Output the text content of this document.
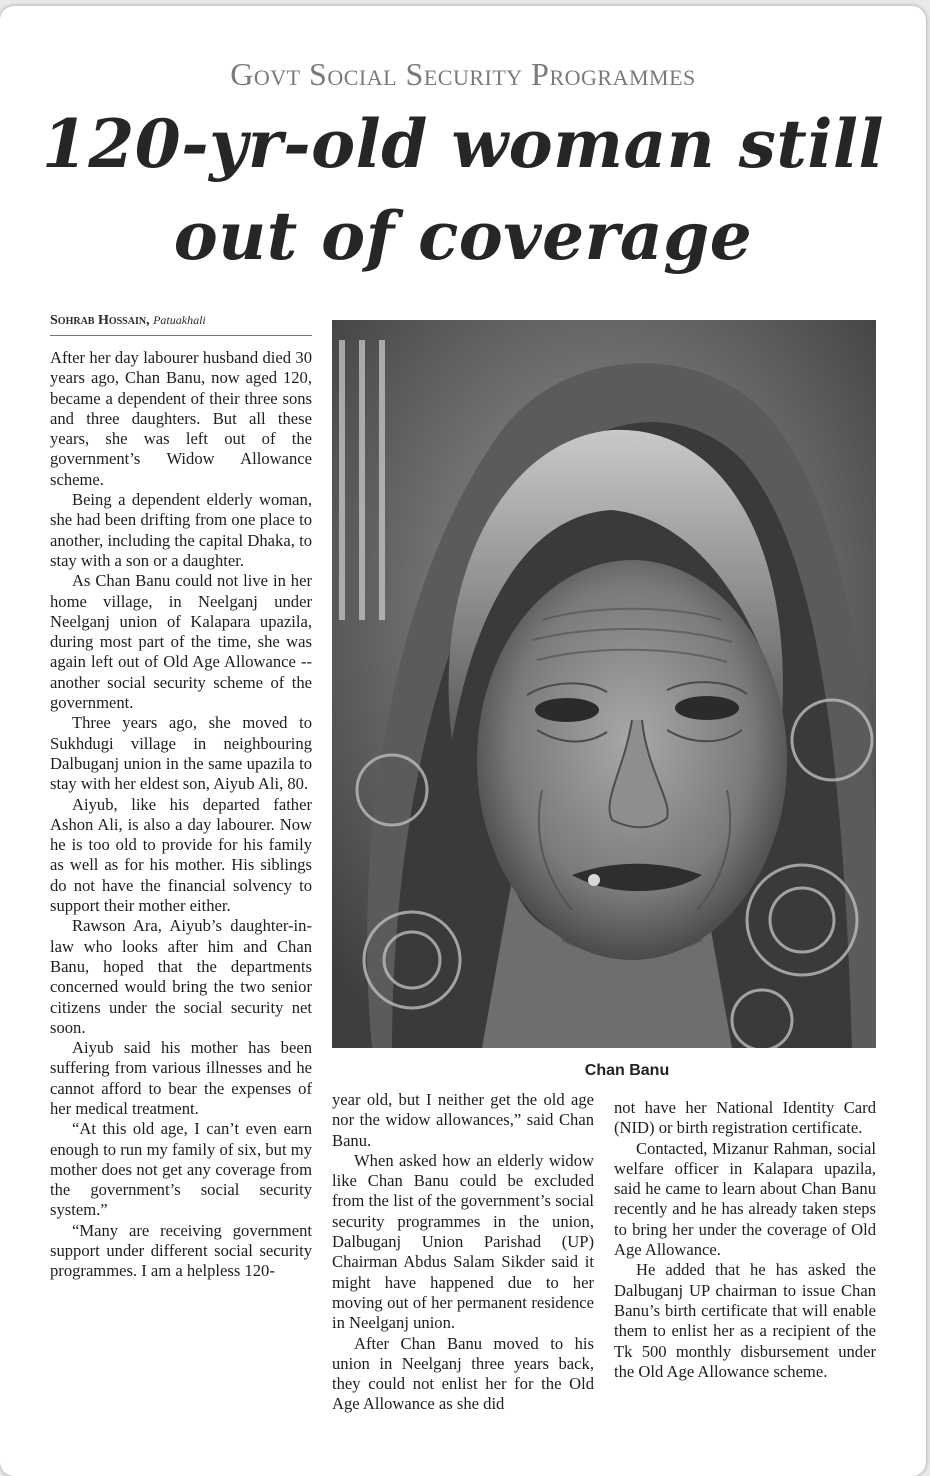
Govt Social Security Programmes
120-yr-old woman still
out of coverage
Sohrab Hossain, Patuakhali

After her day labourer husband died 30 years ago, Chan Banu, now aged 120, became a dependent of their three sons and three daughters. But all these years, she was left out of the government’s Widow Allowance scheme.

Being a dependent elderly woman, she had been drifting from one place to another, including the capital Dhaka, to stay with a son or a daughter.

As Chan Banu could not live in her home village, in Neelganj under Neelganj union of Kalapara upazila, during most part of the time, she was again left out of Old Age Allowance -- another social security scheme of the government.

Three years ago, she moved to Sukhdugi village in neighbouring Dalbuganj union in the same upazila to stay with her eldest son, Aiyub Ali, 80.

Aiyub, like his departed father Ashon Ali, is also a day labourer. Now he is too old to provide for his family as well as for his mother. His siblings do not have the financial solvency to support their mother either.

Rawson Ara, Aiyub’s daughter-in-law who looks after him and Chan Banu, hoped that the departments concerned would bring the two senior citizens under the social security net soon.

Aiyub said his mother has been suffering from various illnesses and he cannot afford to bear the expenses of her medical treatment.

“At this old age, I can’t even earn enough to run my family of six, but my mother does not get any coverage from the government’s social security system.”

“Many are receiving government support under different social security programmes. I am a helpless 120-

Chan Banu

year old, but I neither get the old age nor the widow allowances,” said Chan Banu.

When asked how an elderly widow like Chan Banu could be excluded from the list of the government’s social security programmes in the union, Dalbuganj Union Parishad (UP) Chairman Abdus Salam Sikder said it might have happened due to her moving out of her permanent residence in Neelganj union.

After Chan Banu moved to his union in Neelganj three years back, they could not enlist her for the Old Age Allowance as she did

not have her National Identity Card (NID) or birth registration certificate.

Contacted, Mizanur Rahman, social welfare officer in Kalapara upazila, said he came to learn about Chan Banu recently and he has already taken steps to bring her under the coverage of Old Age Allowance.

He added that he has asked the Dalbuganj UP chairman to issue Chan Banu’s birth certificate that will enable them to enlist her as a recipient of the Tk 500 monthly disbursement under the Old Age Allowance scheme.
